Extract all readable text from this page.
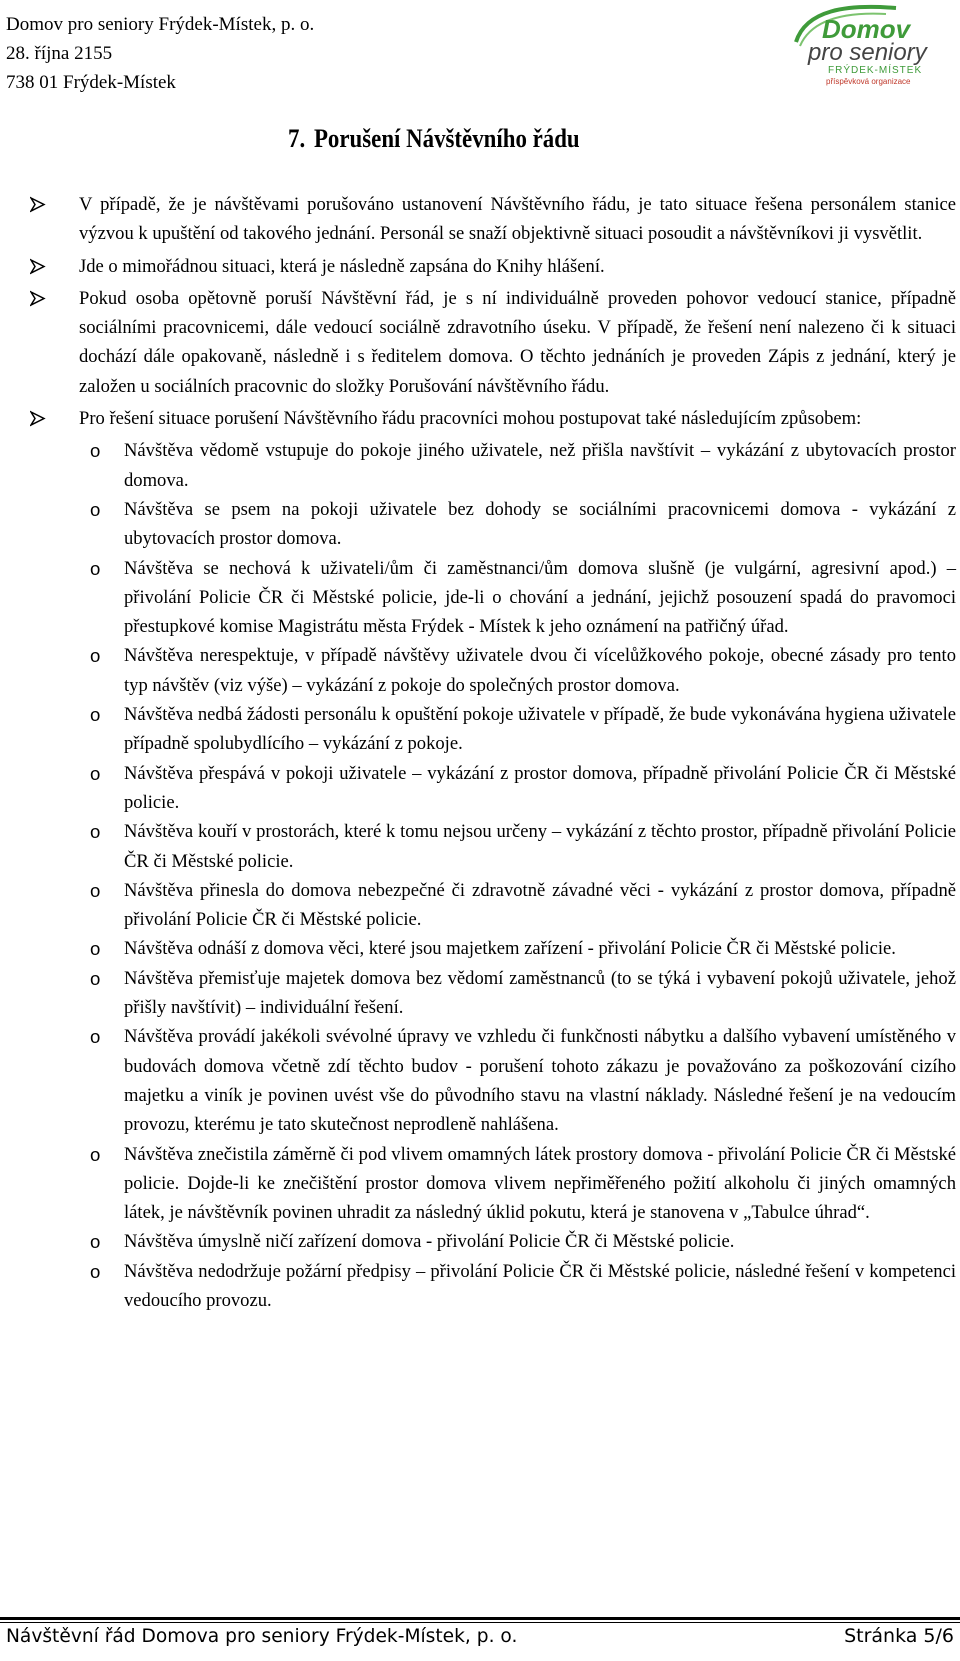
Domov pro seniory Frýdek-Místek, p. o.
28. října 2155
738 01 Frýdek-Místek
Domov
pro seniory
FRÝDEK-MÍSTEK
příspěvková organizace
7. Porušení Návštěvního řádu
V případě, že je návštěvami porušováno ustanovení Návštěvního řádu, je tato situace řešena personálem stanice výzvou k upuštění od takového jednání. Personál se snaží objektivně situaci posoudit a návštěvníkovi ji vysvětlit.
Jde o mimořádnou situaci, která je následně zapsána do Knihy hlášení.
Pokud osoba opětovně poruší Návštěvní řád, je s ní individuálně proveden pohovor vedoucí stanice, případně sociálními pracovnicemi, dále vedoucí sociálně zdravotního úseku. V případě, že řešení není nalezeno či k situaci dochází dále opakovaně, následně i s ředitelem domova. O těchto jednáních je proveden Zápis z jednání, který je založen u sociálních pracovnic do složky Porušování návštěvního řádu.
Pro řešení situace porušení Návštěvního řádu pracovníci mohou postupovat také následujícím způsobem:
o Návštěva vědomě vstupuje do pokoje jiného uživatele, než přišla navštívit – vykázání z ubytovacích prostor domova.
o Návštěva se psem na pokoji uživatele bez dohody se sociálními pracovnicemi domova - vykázání z ubytovacích prostor domova.
o Návštěva se nechová k uživateli/ům či zaměstnanci/ům domova slušně (je vulgární, agresivní apod.) – přivolání Policie ČR či Městské policie, jde-li o chování a jednání, jejichž posouzení spadá do pravomoci přestupkové komise Magistrátu města Frýdek - Místek k jeho oznámení na patřičný úřad.
o Návštěva nerespektuje, v případě návštěvy uživatele dvou či vícelůžkového pokoje, obecné zásady pro tento typ návštěv (viz výše) – vykázání z pokoje do společných prostor domova.
o Návštěva nedbá žádosti personálu k opuštění pokoje uživatele v případě, že bude vykonávána hygiena uživatele případně spolubydlícího – vykázání z pokoje.
o Návštěva přespává v pokoji uživatele – vykázání z prostor domova, případně přivolání Policie ČR či Městské policie.
o Návštěva kouří v prostorách, které k tomu nejsou určeny – vykázání z těchto prostor, případně přivolání Policie ČR či Městské policie.
o Návštěva přinesla do domova nebezpečné či zdravotně závadné věci - vykázání z prostor domova, případně přivolání Policie ČR či Městské policie.
o Návštěva odnáší z domova věci, které jsou majetkem zařízení - přivolání Policie ČR či Městské policie.
o Návštěva přemisťuje majetek domova bez vědomí zaměstnanců (to se týká i vybavení pokojů uživatele, jehož přišly navštívit) – individuální řešení.
o Návštěva provádí jakékoli svévolné úpravy ve vzhledu či funkčnosti nábytku a dalšího vybavení umístěného v budovách domova včetně zdí těchto budov - porušení tohoto zákazu je považováno za poškozování cizího majetku a viník je povinen uvést vše do původního stavu na vlastní náklady. Následné řešení je na vedoucím provozu, kterému je tato skutečnost neprodleně nahlášena.
o Návštěva znečistila záměrně či pod vlivem omamných látek prostory domova - přivolání Policie ČR či Městské policie. Dojde-li ke znečištění prostor domova vlivem nepřiměřeného požití alkoholu či jiných omamných látek, je návštěvník povinen uhradit za následný úklid pokutu, která je stanovena v „Tabulce úhrad“.
o Návštěva úmyslně ničí zařízení domova - přivolání Policie ČR či Městské policie.
o Návštěva nedodržuje požární předpisy – přivolání Policie ČR či Městské policie, následné řešení v kompetenci vedoucího provozu.
Návštěvní řád Domova pro seniory Frýdek-Místek, p. o.	Stránka 5/6
